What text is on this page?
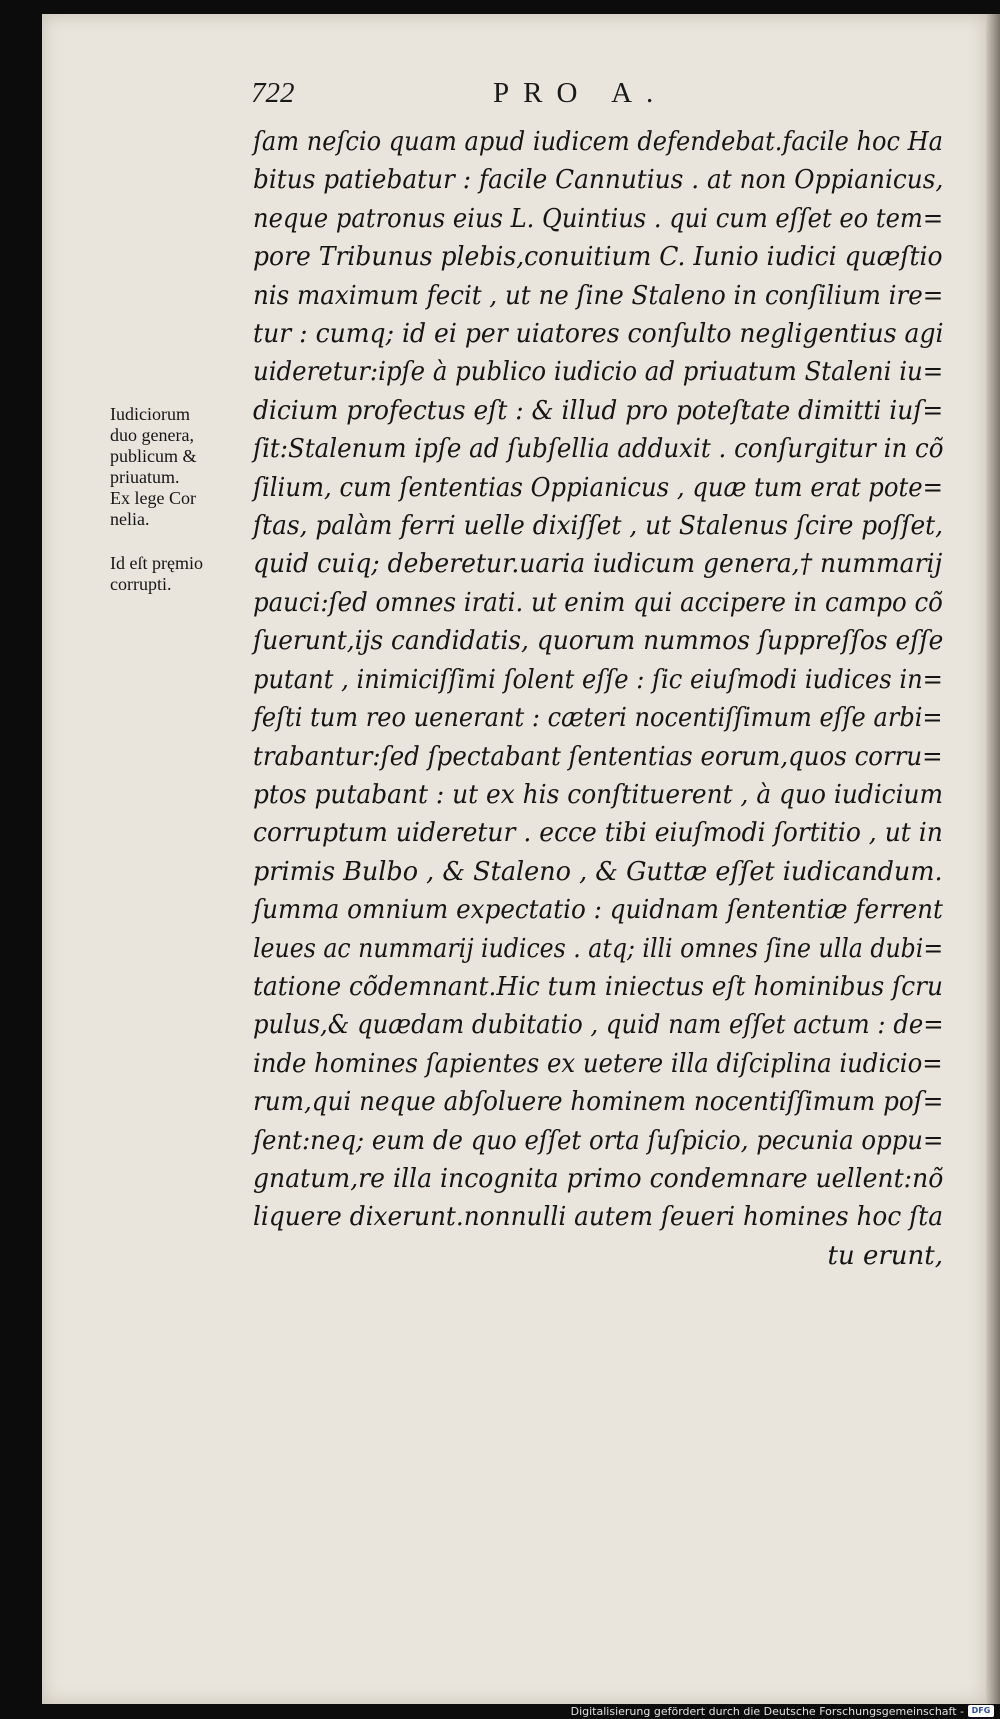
722	PRO A.
ſam neſcio quam apud iudicem defendebat.facile hoc Ha
bitus patiebatur : facile Cannutius . at non Oppianicus,
neque patronus eius L. Quintius . qui cum eſſet eo tem=
pore Tribunus plebis,conuitium C. Iunio iudici quæſtio
nis maximum fecit , ut ne ſine Staleno in conſilium ire=
tur : cumq; id ei per uiatores conſulto negligentius agi
uideretur:ipſe à publico iudicio ad priuatum Staleni iu=
dicium profectus eſt : & illud pro poteſtate dimitti iuſ=
ſit:Stalenum ipſe ad ſubſellia adduxit . conſurgitur in cõ
ſilium, cum ſententias Oppianicus , quæ tum erat pote=
ſtas, palàm ferri uelle dixiſſet , ut Stalenus ſcire poſſet,
quid cuiq; deberetur.uaria iudicum genera,† nummarij
pauci:ſed omnes irati. ut enim qui accipere in campo cõ
ſuerunt,ijs candidatis, quorum nummos ſuppreſſos eſſe
putant , inimiciſſimi ſolent eſſe : ſic eiuſmodi iudices in=
feſti tum reo uenerant : cæteri nocentiſſimum eſſe arbi=
trabantur:ſed ſpectabant ſententias eorum,quos corru=
ptos putabant : ut ex his conſtituerent , à quo iudicium
corruptum uideretur . ecce tibi eiuſmodi ſortitio , ut in
primis Bulbo , & Staleno , & Guttæ eſſet iudicandum.
ſumma omnium expectatio : quidnam ſententiæ ferrent
leues ac nummarij iudices . atq; illi omnes ſine ulla dubi=
tatione cõdemnant.Hic tum iniectus eſt hominibus ſcru
pulus,& quædam dubitatio , quid nam eſſet actum : de=
inde homines ſapientes ex uetere illa diſciplina iudicio=
rum,qui neque abſoluere hominem nocentiſſimum poſ=
ſent:neq; eum de quo eſſet orta ſuſpicio, pecunia oppu=
gnatum,re illa incognita primo condemnare uellent:nõ
liquere dixerunt.nonnulli autem ſeueri homines hoc ſta
tu erunt,
Iudiciorum
duo genera,
publicum &
priuatum.
Ex lege Cor
nelia.
Id eſt pręmio
corrupti.
Digitalisierung gefördert durch die Deutsche Forschungsgemeinschaft - DFG
